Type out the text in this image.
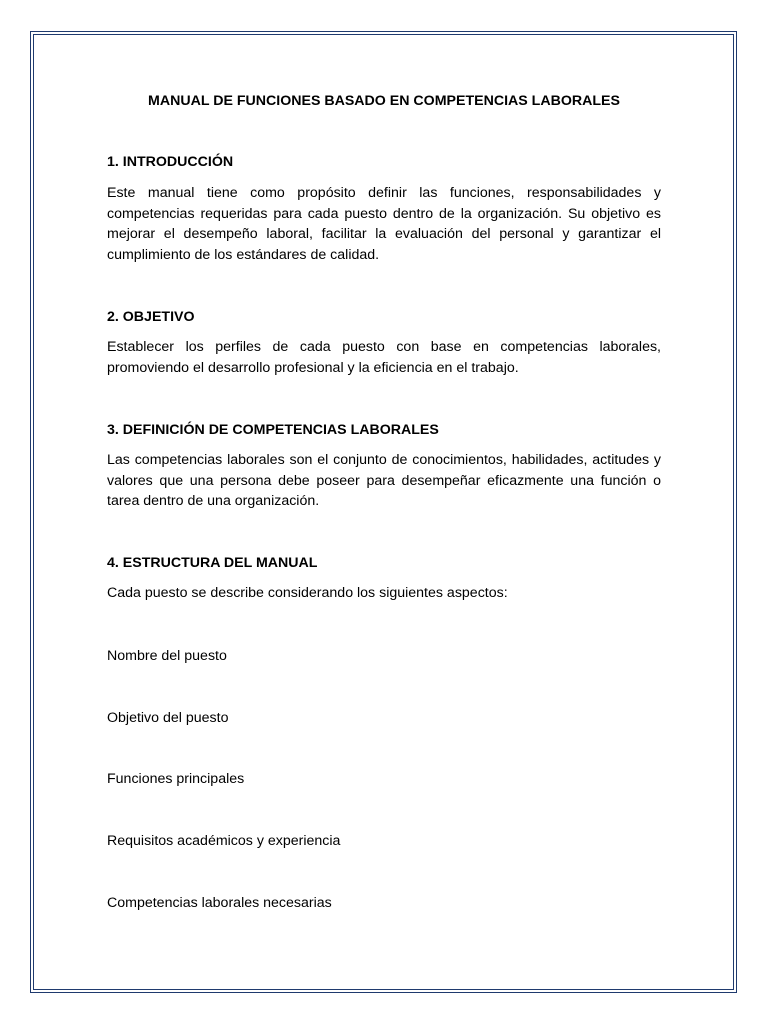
MANUAL DE FUNCIONES BASADO EN COMPETENCIAS LABORALES
1. INTRODUCCIÓN

Este manual tiene como propósito definir las funciones, responsabilidades y competencias requeridas para cada puesto dentro de la organización. Su objetivo es mejorar el desempeño laboral, facilitar la evaluación del personal y garantizar el cumplimiento de los estándares de calidad.

2. OBJETIVO

Establecer los perfiles de cada puesto con base en competencias laborales, promoviendo el desarrollo profesional y la eficiencia en el trabajo.

3. DEFINICIÓN DE COMPETENCIAS LABORALES

Las competencias laborales son el conjunto de conocimientos, habilidades, actitudes y valores que una persona debe poseer para desempeñar eficazmente una función o tarea dentro de una organización.

4. ESTRUCTURA DEL MANUAL

Cada puesto se describe considerando los siguientes aspectos:

Nombre del puesto

Objetivo del puesto

Funciones principales

Requisitos académicos y experiencia

Competencias laborales necesarias
